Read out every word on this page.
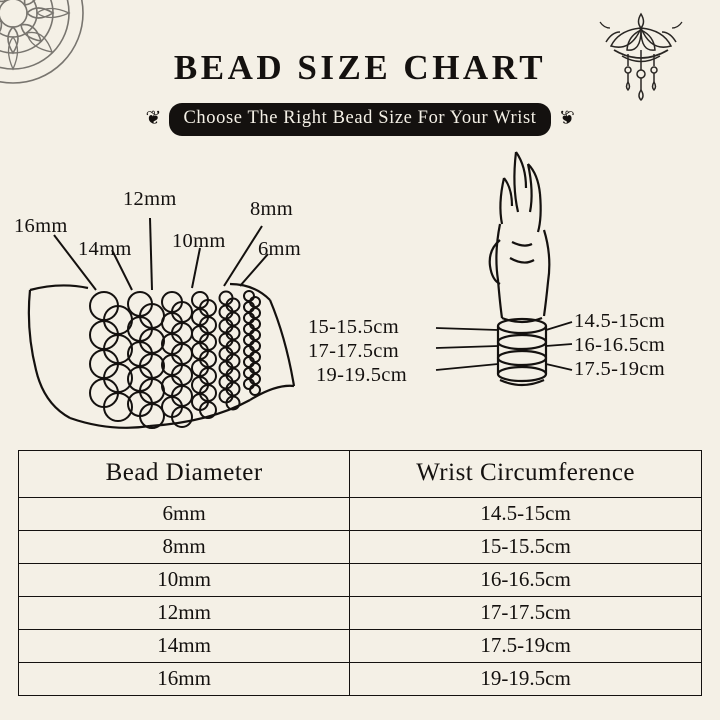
BEAD SIZE CHART
❦	Choose The Right Bead Size For Your Wrist	❦
16mm
14mm
12mm
10mm
8mm
6mm
15-15.5cm
17-17.5cm
19-19.5cm
14.5-15cm
16-16.5cm
17.5-19cm
Bead Diameter	Wrist Circumference
6mm	14.5-15cm
8mm	15-15.5cm
10mm	16-16.5cm
12mm	17-17.5cm
14mm	17.5-19cm
16mm	19-19.5cm
